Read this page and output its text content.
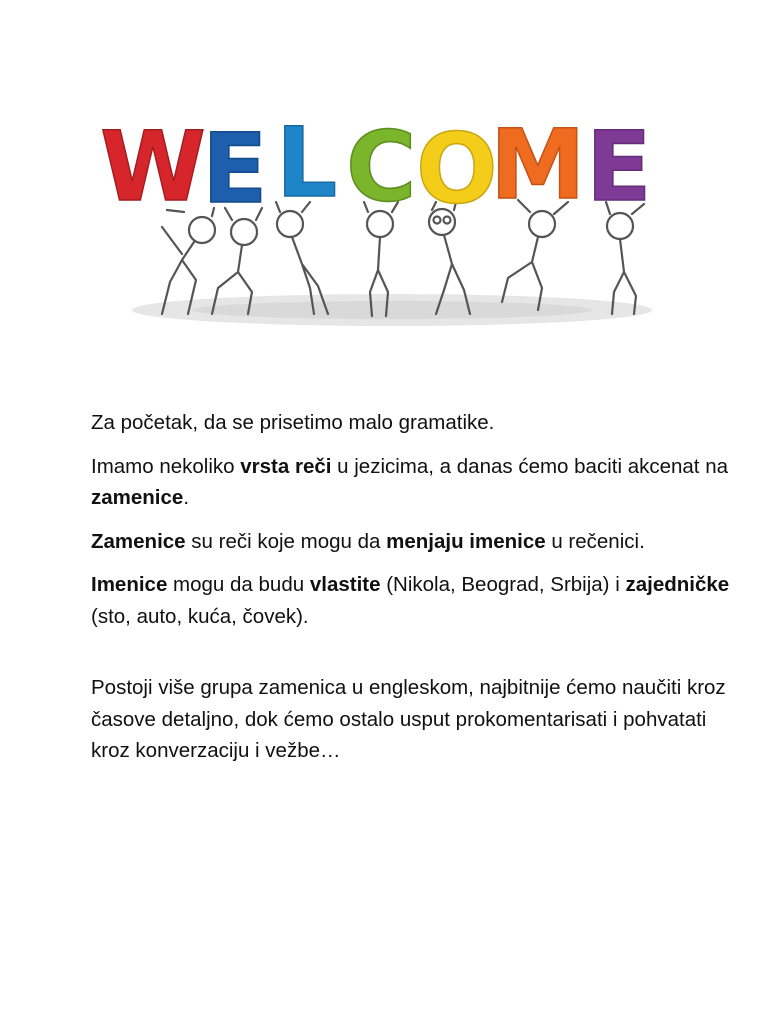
W
E L C O
M E

Za početak, da se prisetimo malo gramatike.

Imamo nekoliko vrsta reči u jezicima, a danas ćemo baciti akcenat na zamenice.

Zamenice su reči koje mogu da menjaju imenice u rečenici.

Imenice mogu da budu vlastite (Nikola, Beograd, Srbija) i zajedničke (sto, auto, kuća, čovek).

Postoji više grupa zamenica u engleskom, najbitnije ćemo naučiti kroz časove detaljno, dok ćemo ostalo usput prokomentarisati i pohvatati kroz konverzaciju i vežbe…
